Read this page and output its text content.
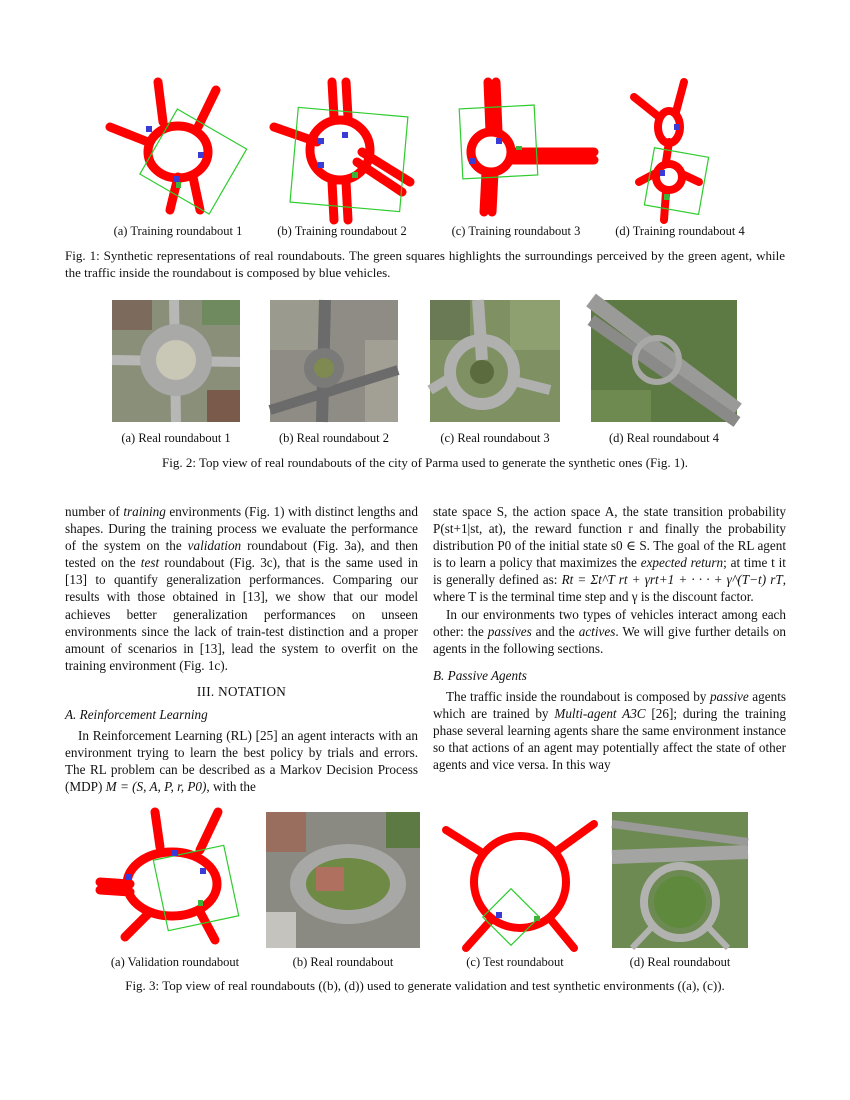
(a) Training roundabout 1	(b) Training roundabout 2	(c) Training roundabout 3	(d) Training roundabout 4
Fig. 1: Synthetic representations of real roundabouts. The green squares highlights the surroundings perceived by the green agent, while the traffic inside the roundabout is composed by blue vehicles.
(a) Real roundabout 1	(b) Real roundabout 2	(c) Real roundabout 3	(d) Real roundabout 4
Fig. 2: Top view of real roundabouts of the city of Parma used to generate the synthetic ones (Fig. 1).

number of training environments (Fig. 1) with distinct lengths and shapes. During the training process we evaluate the performance of the system on the validation roundabout (Fig. 3a), and then tested on the test roundabout (Fig. 3c), that is the same used in [13] to quantify generalization performances. Comparing our results with those obtained in [13], we show that our model achieves better generalization performances on unseen environments since the lack of train-test distinction and a proper amount of scenarios in [13], lead the system to overfit on the training environment (Fig. 1c).

III. NOTATION

A. Reinforcement Learning

In Reinforcement Learning (RL) [25] an agent interacts with an environment trying to learn the best policy by trials and errors. The RL problem can be described as a Markov Decision Process (MDP) M = (S, A, P, r, P0), with the

state space S, the action space A, the state transition probability P(st+1|st, at), the reward function r and finally the probability distribution P0 of the initial state s0 ∈ S. The goal of the RL agent is to learn a policy that maximizes the expected return; at time t it is generally defined as: Rt = Σt^T rt + γrt+1 + · · · + γ^(T−t) rT, where T is the terminal time step and γ is the discount factor.

In our environments two types of vehicles interact among each other: the passives and the actives. We will give further details on agents in the following sections.

B. Passive Agents

The traffic inside the roundabout is composed by passive agents which are trained by Multi-agent A3C [26]; during the training phase several learning agents share the same environment instance so that actions of an agent may potentially affect the state of other agents and vice versa. In this way

(a) Validation roundabout	(b) Real roundabout	(c) Test roundabout	(d) Real roundabout
Fig. 3: Top view of real roundabouts ((b), (d)) used to generate validation and test synthetic environments ((a), (c)).
